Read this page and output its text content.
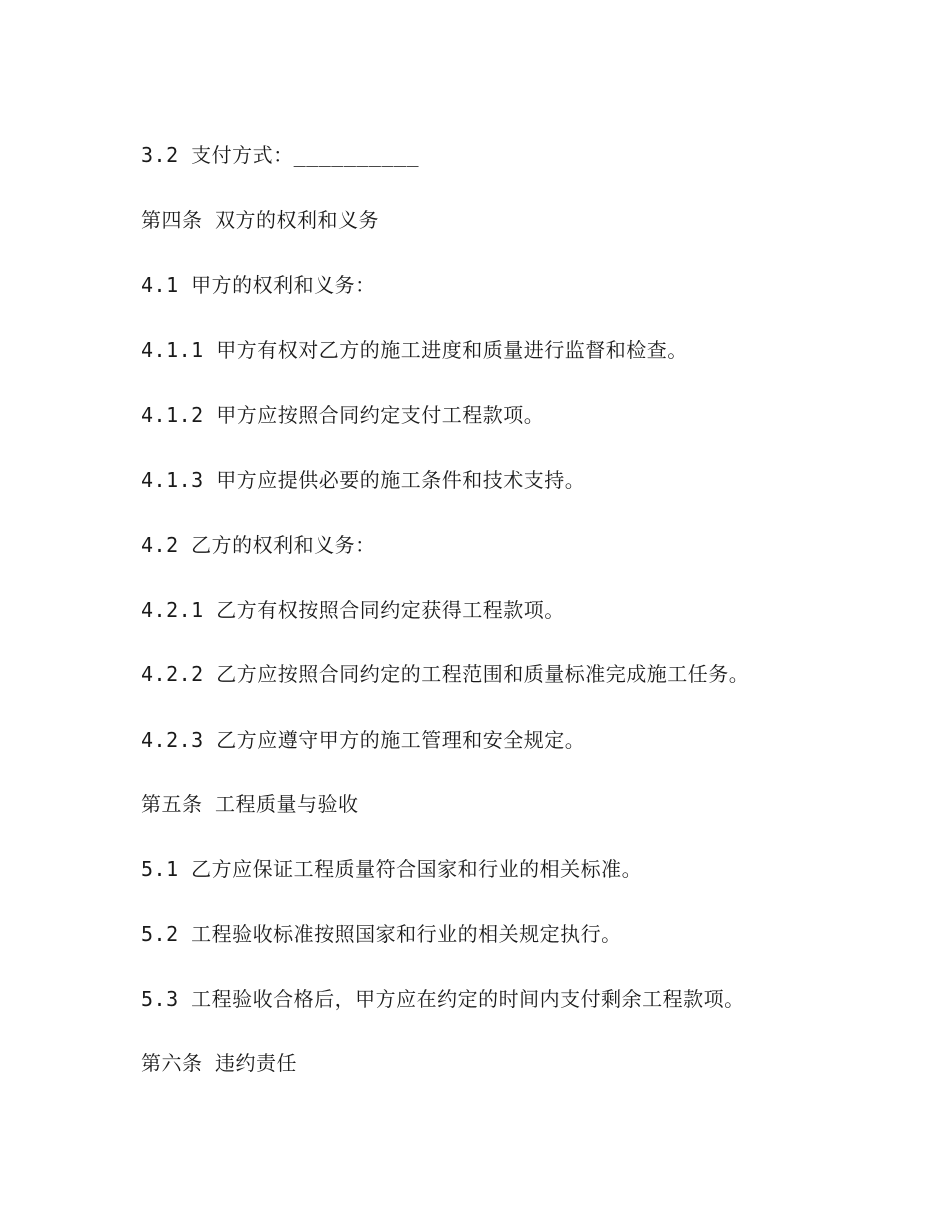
3.2 支付方式：__________
第四条 双方的权利和义务
4.1 甲方的权利和义务：
4.1.1 甲方有权对乙方的施工进度和质量进行监督和检查。
4.1.2 甲方应按照合同约定支付工程款项。
4.1.3 甲方应提供必要的施工条件和技术支持。
4.2 乙方的权利和义务：
4.2.1 乙方有权按照合同约定获得工程款项。
4.2.2 乙方应按照合同约定的工程范围和质量标准完成施工任务。
4.2.3 乙方应遵守甲方的施工管理和安全规定。
第五条 工程质量与验收
5.1 乙方应保证工程质量符合国家和行业的相关标准。
5.2 工程验收标准按照国家和行业的相关规定执行。
5.3 工程验收合格后，甲方应在约定的时间内支付剩余工程款项。
第六条 违约责任
